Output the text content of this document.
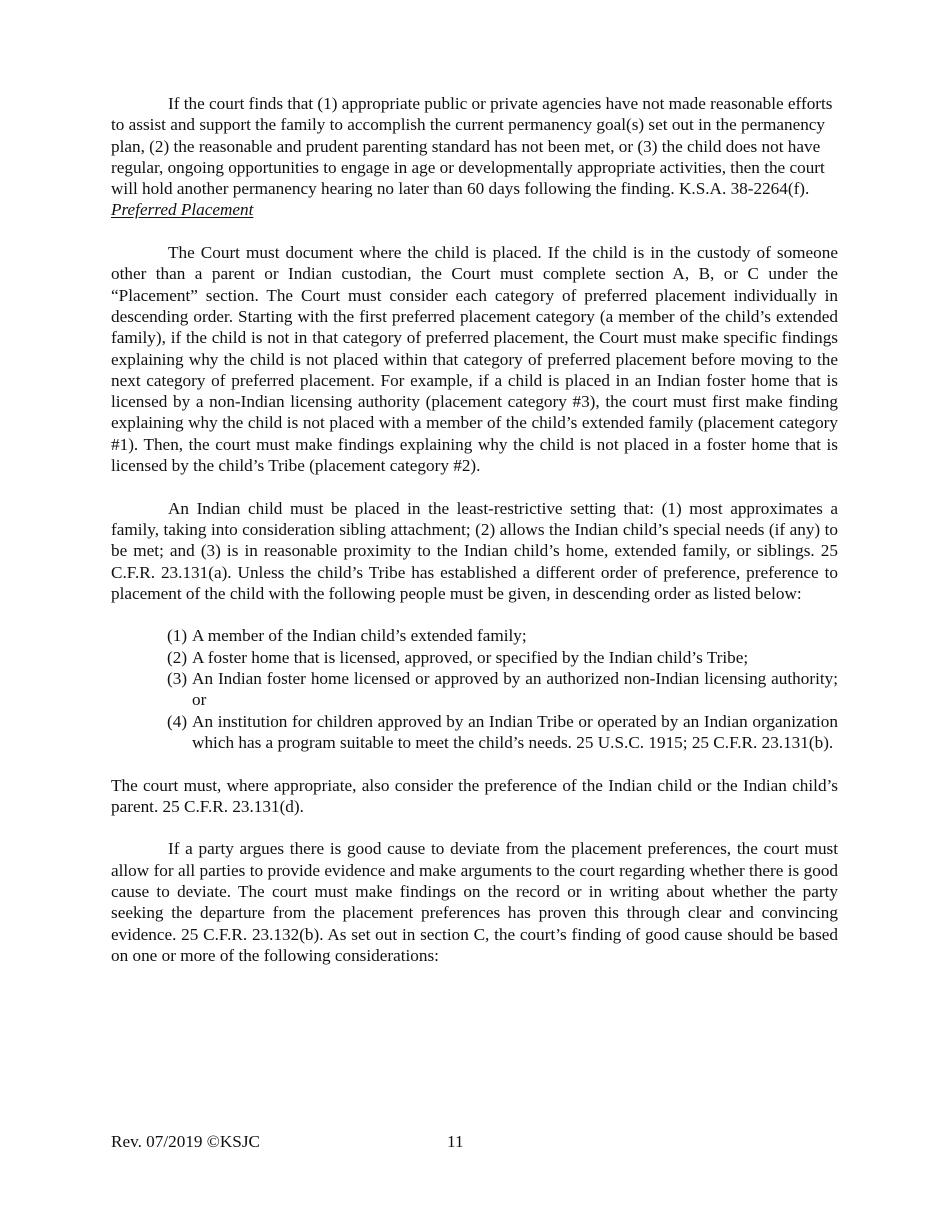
If the court finds that (1) appropriate public or private agencies have not made reasonable efforts to assist and support the family to accomplish the current permanency goal(s) set out in the permanency plan, (2) the reasonable and prudent parenting standard has not been met, or (3) the child does not have regular, ongoing opportunities to engage in age or developmentally appropriate activities, then the court will hold another permanency hearing no later than 60 days following the finding. K.S.A. 38-2264(f).

Preferred Placement

The Court must document where the child is placed. If the child is in the custody of someone other than a parent or Indian custodian, the Court must complete section A, B, or C under the “Placement” section. The Court must consider each category of preferred placement individually in descending order. Starting with the first preferred placement category (a member of the child’s extended family), if the child is not in that category of preferred placement, the Court must make specific findings explaining why the child is not placed within that category of preferred placement before moving to the next category of preferred placement. For example, if a child is placed in an Indian foster home that is licensed by a non-Indian licensing authority (placement category #3), the court must first make finding explaining why the child is not placed with a member of the child’s extended family (placement category #1). Then, the court must make findings explaining why the child is not placed in a foster home that is licensed by the child’s Tribe (placement category #2).

An Indian child must be placed in the least-restrictive setting that: (1) most approximates a family, taking into consideration sibling attachment; (2) allows the Indian child’s special needs (if any) to be met; and (3) is in reasonable proximity to the Indian child’s home, extended family, or siblings. 25 C.F.R. 23.131(a). Unless the child’s Tribe has established a different order of preference, preference to placement of the child with the following people must be given, in descending order as listed below:

(1) A member of the Indian child’s extended family;
(2) A foster home that is licensed, approved, or specified by the Indian child’s Tribe;
(3) An Indian foster home licensed or approved by an authorized non-Indian licensing authority; or
(4) An institution for children approved by an Indian Tribe or operated by an Indian organization which has a program suitable to meet the child’s needs. 25 U.S.C. 1915; 25 C.F.R. 23.131(b).

The court must, where appropriate, also consider the preference of the Indian child or the Indian child’s parent. 25 C.F.R. 23.131(d).

If a party argues there is good cause to deviate from the placement preferences, the court must allow for all parties to provide evidence and make arguments to the court regarding whether there is good cause to deviate. The court must make findings on the record or in writing about whether the party seeking the departure from the placement preferences has proven this through clear and convincing evidence. 25 C.F.R. 23.132(b). As set out in section C, the court’s finding of good cause should be based on one or more of the following considerations:

Rev. 07/2019 ©KSJC	11
